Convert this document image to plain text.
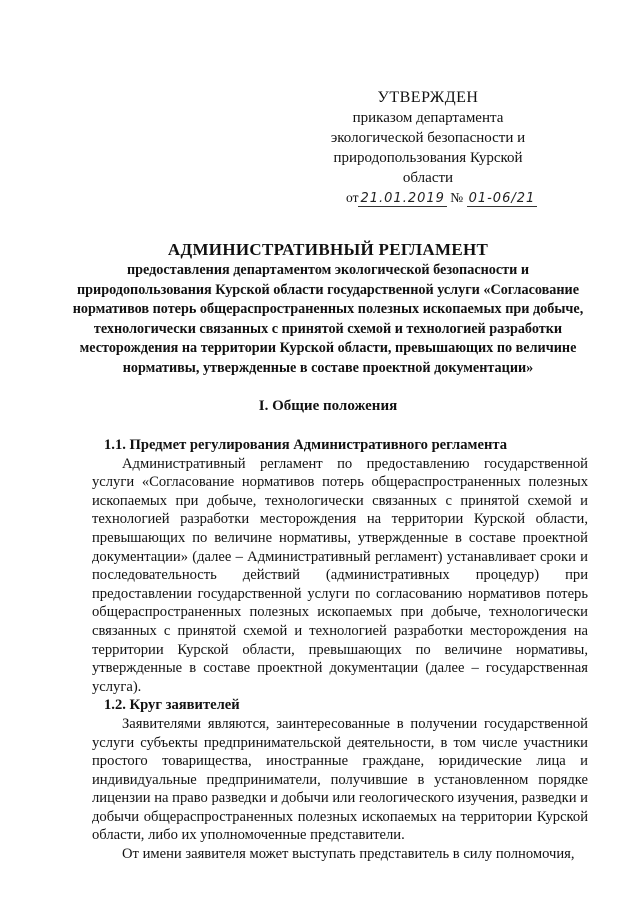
УТВЕРЖДЕН
приказом департамента
экологической безопасности и
природопользования Курской
области
от 21.01.2019 № 01-06/21
АДМИНИСТРАТИВНЫЙ РЕГЛАМЕНТ
предоставления департаментом экологической безопасности и природопользования Курской области государственной услуги «Согласование нормативов потерь общераспространенных полезных ископаемых при добыче, технологически связанных с принятой схемой и технологией разработки месторождения на территории Курской области, превышающих по величине нормативы, утвержденные в составе проектной документации»
I. Общие положения

1.1. Предмет регулирования Административного регламента

Административный регламент по предоставлению государственной услуги «Согласование нормативов потерь общераспространенных полезных ископаемых при добыче, технологически связанных с принятой схемой и технологией разработки месторождения на территории Курской области, превышающих по величине нормативы, утвержденные в составе проектной документации» (далее – Административный регламент) устанавливает сроки и последовательность действий (административных процедур) при предоставлении государственной услуги по согласованию нормативов потерь общераспространенных полезных ископаемых при добыче, технологически связанных с принятой схемой и технологией разработки месторождения на территории Курской области, превышающих по величине нормативы, утвержденные в составе проектной документации (далее – государственная услуга).

1.2. Круг заявителей

Заявителями являются, заинтересованные в получении государственной услуги субъекты предпринимательской деятельности, в том числе участники простого товарищества, иностранные граждане, юридические лица и индивидуальные предприниматели, получившие в установленном порядке лицензии на право разведки и добычи или геологического изучения, разведки и добычи общераспространенных полезных ископаемых на территории Курской области, либо их уполномоченные представители.

От имени заявителя может выступать представитель в силу полномочия,
